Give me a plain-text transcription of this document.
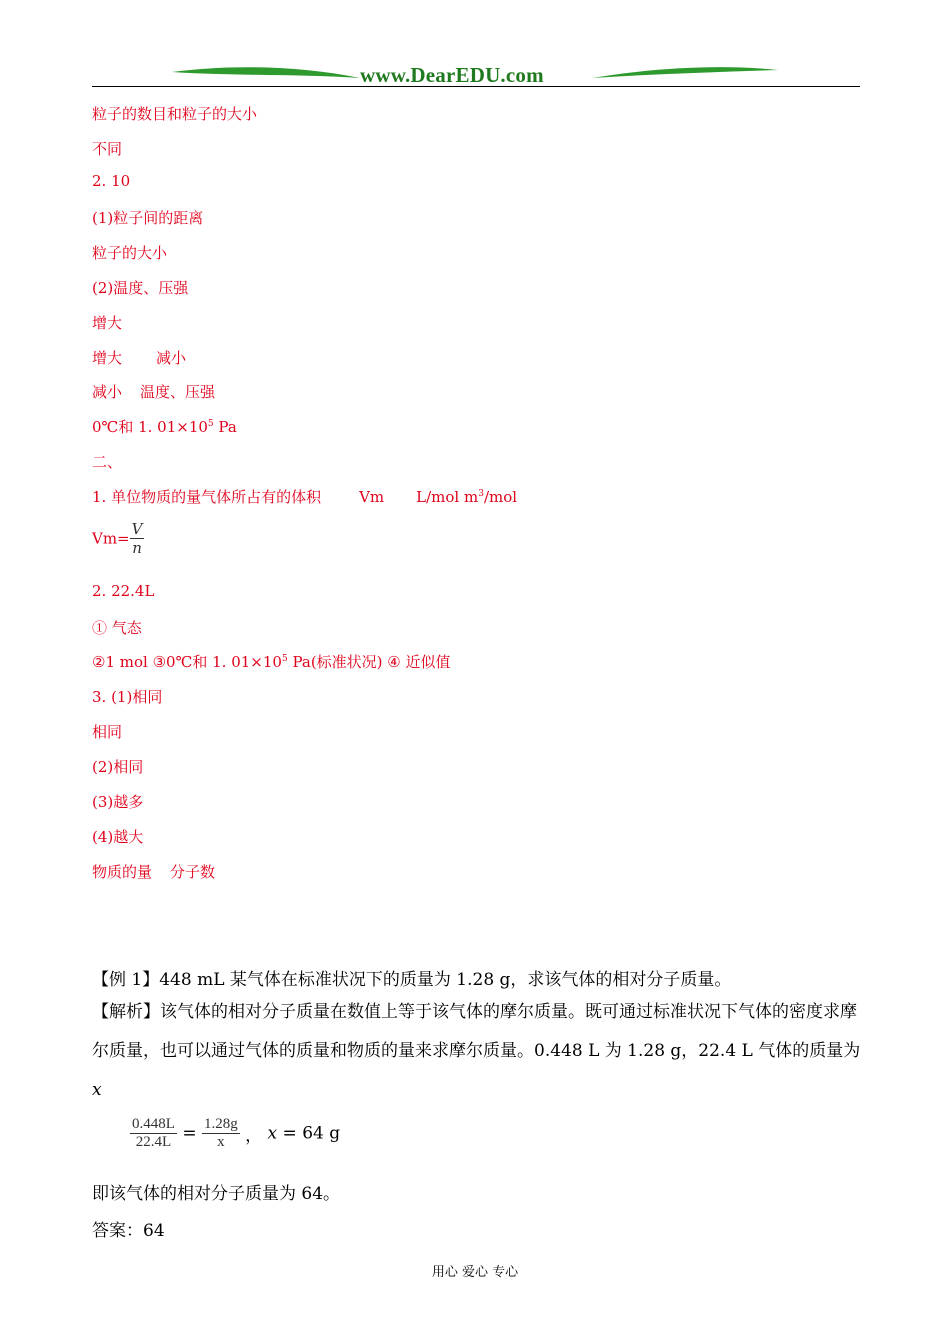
www.DearEDU.com
粒子的数目和粒子的大小
不同
2. 10
(1)粒子间的距离
粒子的大小
(2)温度、压强
增大
增大 减小
减小 温度、压强
0℃和 1. $01\times 10^5$ Pa
二、
1. 单位物质的量气体所占有的体积	Vm L/mol $m^3$/mol
$Vm= \frac{V}{n}$
2. 22.4L
① 气态
②1 mol ③0℃和 1. $01\times 10^5$ Pa(标准状况) ④ 近似值
3. (1)相同
相同
(2)相同
(3)越多
(4)越大
物质的量 分子数
【例 1】448 mL 某气体在标准状况下的质量为 1.28 g，求该气体的相对分子质量。
【解析】该气体的相对分子质量在数值上等于该气体的摩尔质量。既可通过标准状况下气体的密度求摩尔质量，也可以通过气体的质量和物质的量来求摩尔质量。0.448 L 为 1.28 g，22.4 L 气体的质量为 x
$\frac{0.448L}{22.4L} = \frac{1.28g}{x}$ ， x = 64 g
即该气体的相对分子质量为 64。
答案：64
用心 爱心 专心
